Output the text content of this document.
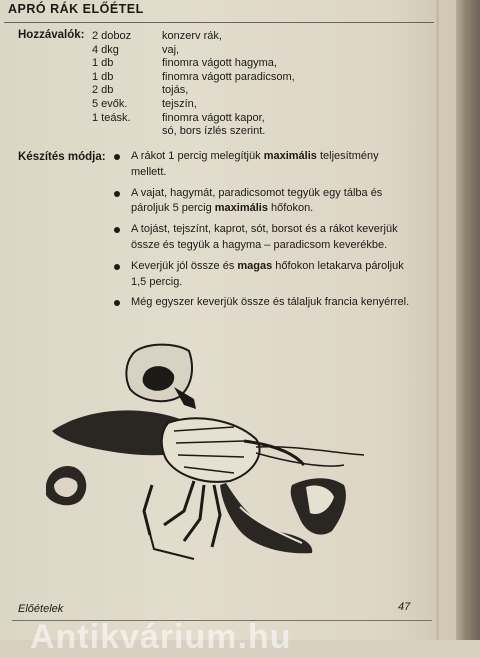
APRÓ RÁK ELŐÉTEL
Hozzávalók: 2 doboz	konzerv rák,
4 dkg	vaj,
1 db	finomra vágott hagyma,
1 db	finomra vágott paradicsom,
2 db	tojás,
5 evők.	tejszín,
1 teásk.	finomra vágott kapor,
só, bors ízlés szerint.
Készítés módja:	A rákot 1 percig melegítjük maximális teljesítmény mellett.
A vajat, hagymát, paradicsomot tegyük egy tálba és pároljuk 5 percig maximális hőfokon.
A tojást, tejszínt, kaprot, sót, borsot és a rákot keverjük össze és tegyük a hagyma – paradicsom keverékbe.
Keverjük jól össze és magas hőfokon letakarva pároljuk 1,5 percig.
Még egyszer keverjük össze és tálaljuk francia kenyérrel.
Előételek	47
Antikvárium.hu
